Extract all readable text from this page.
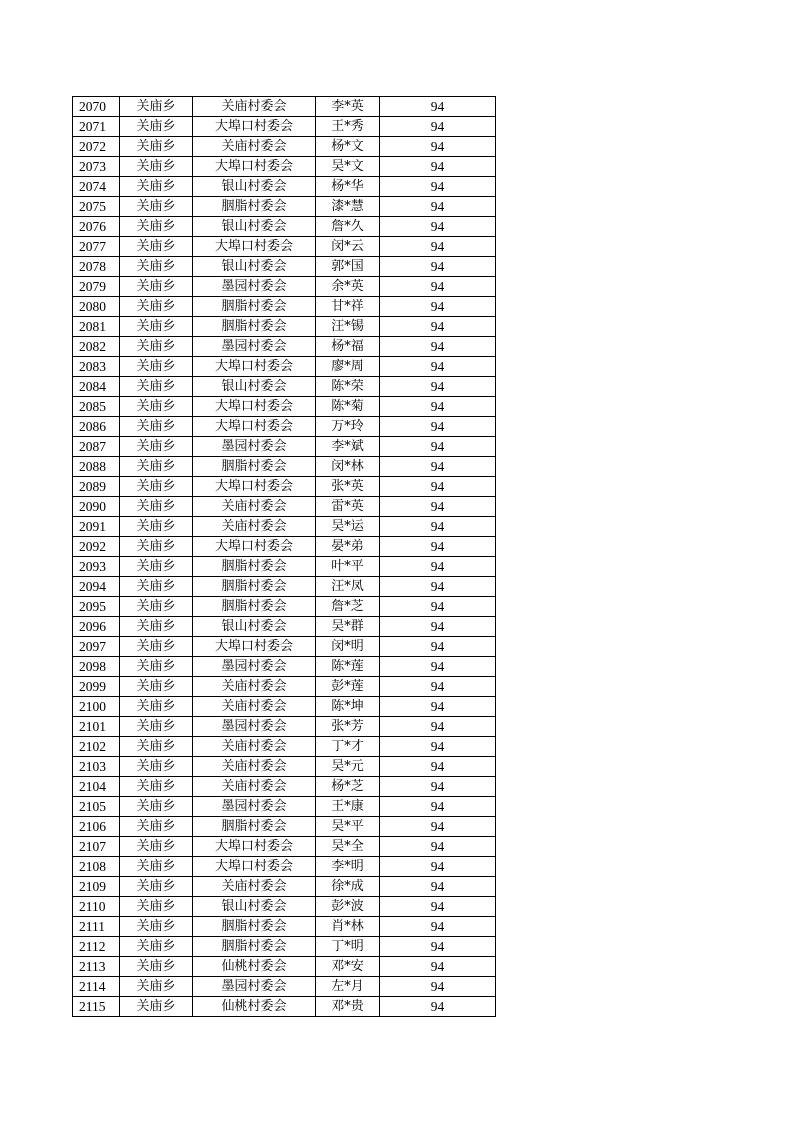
2070	关庙乡	关庙村委会	李*英	94
2071	关庙乡	大埠口村委会	王*秀	94
2072	关庙乡	关庙村委会	杨*文	94
2073	关庙乡	大埠口村委会	吴*文	94
2074	关庙乡	银山村委会	杨*华	94
2075	关庙乡	胭脂村委会	漆*慧	94
2076	关庙乡	银山村委会	詹*久	94
2077	关庙乡	大埠口村委会	闵*云	94
2078	关庙乡	银山村委会	郭*国	94
2079	关庙乡	墨园村委会	余*英	94
2080	关庙乡	胭脂村委会	甘*祥	94
2081	关庙乡	胭脂村委会	汪*锡	94
2082	关庙乡	墨园村委会	杨*福	94
2083	关庙乡	大埠口村委会	廖*周	94
2084	关庙乡	银山村委会	陈*荣	94
2085	关庙乡	大埠口村委会	陈*菊	94
2086	关庙乡	大埠口村委会	万*玲	94
2087	关庙乡	墨园村委会	李*斌	94
2088	关庙乡	胭脂村委会	闵*林	94
2089	关庙乡	大埠口村委会	张*英	94
2090	关庙乡	关庙村委会	雷*英	94
2091	关庙乡	关庙村委会	吴*运	94
2092	关庙乡	大埠口村委会	晏*弟	94
2093	关庙乡	胭脂村委会	叶*平	94
2094	关庙乡	胭脂村委会	汪*凤	94
2095	关庙乡	胭脂村委会	詹*芝	94
2096	关庙乡	银山村委会	吴*群	94
2097	关庙乡	大埠口村委会	闵*明	94
2098	关庙乡	墨园村委会	陈*莲	94
2099	关庙乡	关庙村委会	彭*莲	94
2100	关庙乡	关庙村委会	陈*坤	94
2101	关庙乡	墨园村委会	张*芳	94
2102	关庙乡	关庙村委会	丁*才	94
2103	关庙乡	关庙村委会	吴*元	94
2104	关庙乡	关庙村委会	杨*芝	94
2105	关庙乡	墨园村委会	王*康	94
2106	关庙乡	胭脂村委会	吴*平	94
2107	关庙乡	大埠口村委会	吴*全	94
2108	关庙乡	大埠口村委会	李*明	94
2109	关庙乡	关庙村委会	徐*成	94
2110	关庙乡	银山村委会	彭*波	94
2111	关庙乡	胭脂村委会	肖*林	94
2112	关庙乡	胭脂村委会	丁*明	94
2113	关庙乡	仙桃村委会	邓*安	94
2114	关庙乡	墨园村委会	左*月	94
2115	关庙乡	仙桃村委会	邓*贵	94
